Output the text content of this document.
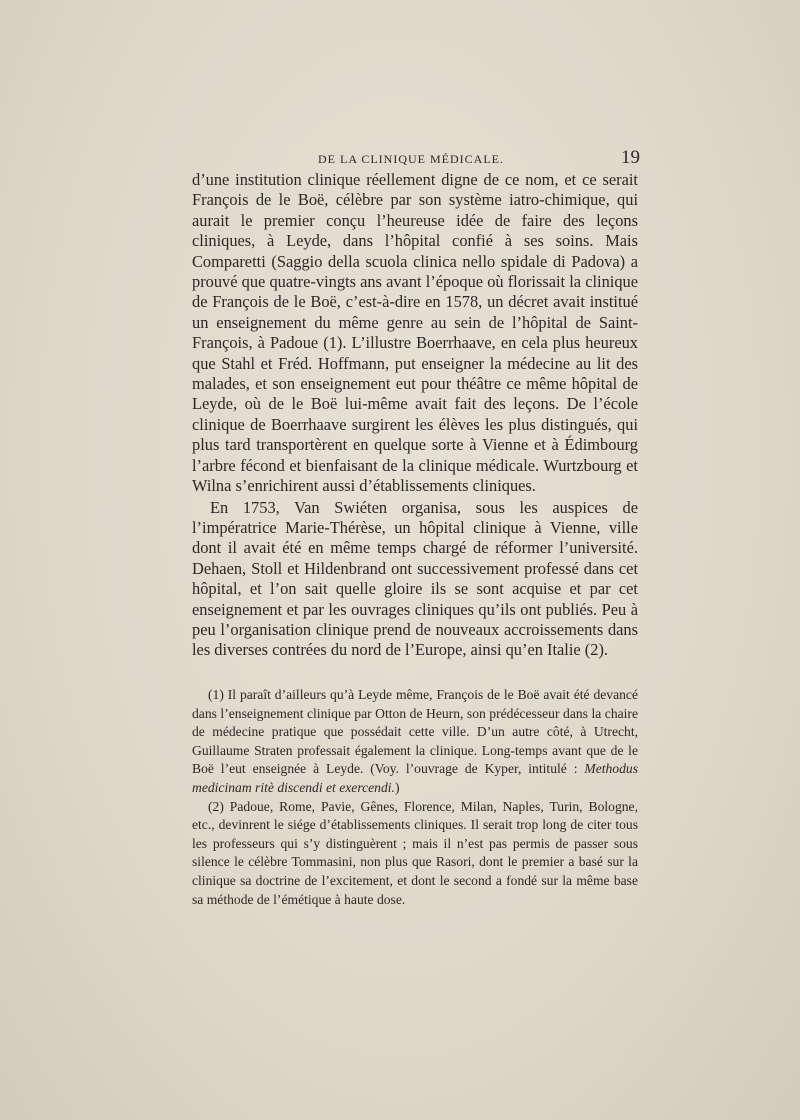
DE LA CLINIQUE MÉDICALE.	19

d’une institution clinique réellement digne de ce nom, et ce serait François de le Boë, célèbre par son système iatro-chimique, qui aurait le premier conçu l’heureuse idée de faire des leçons cliniques, à Leyde, dans l’hôpital confié à ses soins. Mais Comparetti (Saggio della scuola clinica nello spidale di Padova) a prouvé que quatre-vingts ans avant l’époque où florissait la clinique de François de le Boë, c’est-à-dire en 1578, un décret avait institué un enseignement du même genre au sein de l’hôpital de Saint-François, à Padoue (1). L’illustre Boerrhaave, en cela plus heureux que Stahl et Fréd. Hoffmann, put enseigner la médecine au lit des malades, et son enseignement eut pour théâtre ce même hôpital de Leyde, où de le Boë lui-même avait fait des leçons. De l’école clinique de Boerrhaave surgirent les élèves les plus distingués, qui plus tard transportèrent en quelque sorte à Vienne et à Édimbourg l’arbre fécond et bienfaisant de la clinique médicale. Wurtzbourg et Wilna s’enrichirent aussi d’établissements cliniques.

En 1753, Van Swiéten organisa, sous les auspices de l’impératrice Marie-Thérèse, un hôpital clinique à Vienne, ville dont il avait été en même temps chargé de réformer l’université. Dehaen, Stoll et Hildenbrand ont successivement professé dans cet hôpital, et l’on sait quelle gloire ils se sont acquise et par cet enseignement et par les ouvrages cliniques qu’ils ont publiés. Peu à peu l’organisation clinique prend de nouveaux accroissements dans les diverses contrées du nord de l’Europe, ainsi qu’en Italie (2).

(1) Il paraît d’ailleurs qu’à Leyde même, François de le Boë avait été devancé dans l’enseignement clinique par Otton de Heurn, son prédécesseur dans la chaire de médecine pratique que possédait cette ville. D’un autre côté, à Utrecht, Guillaume Straten professait également la clinique. Long-temps avant que de le Boë l’eut enseignée à Leyde. (Voy. l’ouvrage de Kyper, intitulé : Methodus medicinam ritè discendi et exercendi.)

(2) Padoue, Rome, Pavie, Gênes, Florence, Milan, Naples, Turin, Bologne, etc., devinrent le siége d’établissements cliniques. Il serait trop long de citer tous les professeurs qui s’y distinguèrent ; mais il n’est pas permis de passer sous silence le célèbre Tommasini, non plus que Rasori, dont le premier a basé sur la clinique sa doctrine de l’excitement, et dont le second a fondé sur la même base sa méthode de l’émétique à haute dose.
